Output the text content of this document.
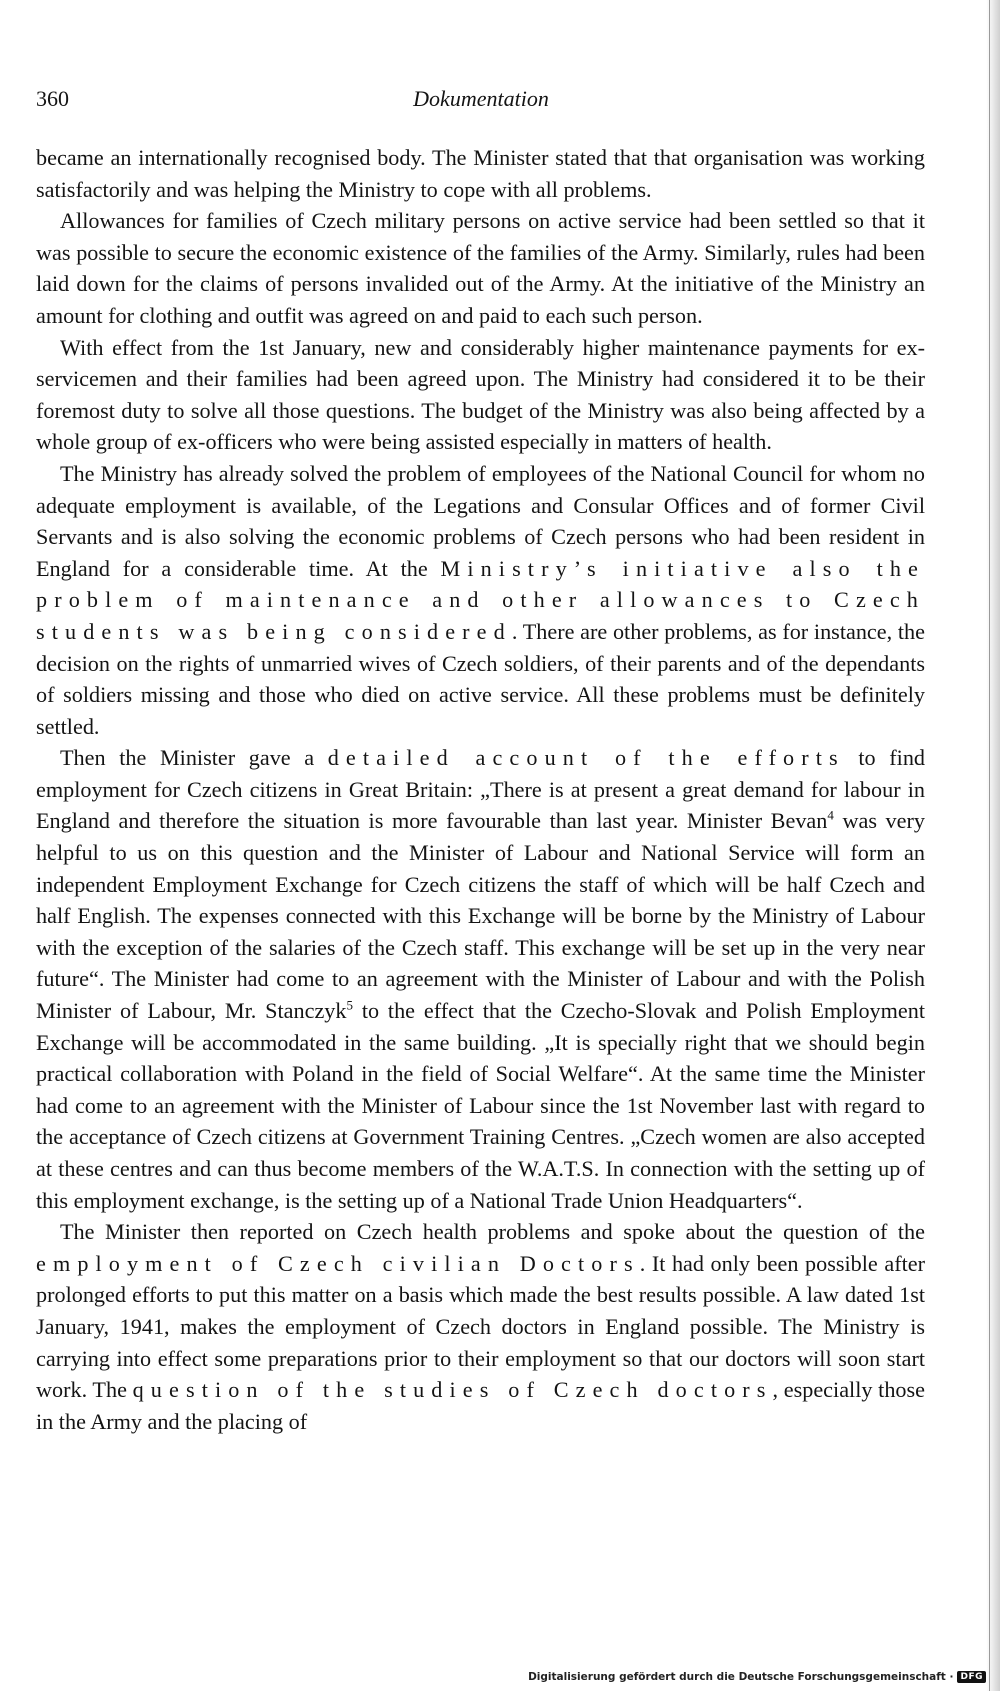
360	Dokumentation

became an internationally recognised body. The Minister stated that that organisation was working satisfactorily and was helping the Ministry to cope with all problems.

Allowances for families of Czech military persons on active service had been settled so that it was possible to secure the economic existence of the families of the Army. Similarly, rules had been laid down for the claims of persons invalided out of the Army. At the initiative of the Ministry an amount for clothing and outfit was agreed on and paid to each such person.

With effect from the 1st January, new and considerably higher maintenance payments for ex-servicemen and their families had been agreed upon. The Ministry had considered it to be their foremost duty to solve all those questions. The budget of the Ministry was also being affected by a whole group of ex-officers who were being assisted especially in matters of health.

The Ministry has already solved the problem of employees of the National Council for whom no adequate employment is available, of the Legations and Consular Offices and of former Civil Servants and is also solving the economic problems of Czech persons who had been resident in England for a considerable time. At the Ministry’s initiative also the problem of maintenance and other allowances to Czech students was being considered. There are other problems, as for instance, the decision on the rights of unmarried wives of Czech soldiers, of their parents and of the dependants of soldiers missing and those who died on active service. All these problems must be definitely settled.

Then the Minister gave a detailed account of the efforts to find employment for Czech citizens in Great Britain: „There is at present a great demand for labour in England and therefore the situation is more favourable than last year. Minister Bevan$^4$ was very helpful to us on this question and the Minister of Labour and National Service will form an independent Employment Exchange for Czech citizens the staff of which will be half Czech and half English. The expenses connected with this Exchange will be borne by the Ministry of Labour with the exception of the salaries of the Czech staff. This exchange will be set up in the very near future“. The Minister had come to an agreement with the Minister of Labour and with the Polish Minister of Labour, Mr. Stanczyk$^5$ to the effect that the Czecho-Slovak and Polish Employment Exchange will be accommodated in the same building. „It is specially right that we should begin practical collaboration with Poland in the field of Social Welfare“. At the same time the Minister had come to an agreement with the Minister of Labour since the 1st November last with regard to the acceptance of Czech citizens at Government Training Centres. „Czech women are also accepted at these centres and can thus become members of the W.A.T.S. In connection with the setting up of this employment exchange, is the setting up of a National Trade Union Headquarters“.

The Minister then reported on Czech health problems and spoke about the question of the employment of Czech civilian Doctors. It had only been possible after prolonged efforts to put this matter on a basis which made the best results possible. A law dated 1st January, 1941, makes the employment of Czech doctors in England possible. The Ministry is carrying into effect some preparations prior to their employment so that our doctors will soon start work. The question of the studies of Czech doctors, especially those in the Army and the placing of

Digitalisierung gefördert durch die Deutsche Forschungsgemeinschaft · DFG
